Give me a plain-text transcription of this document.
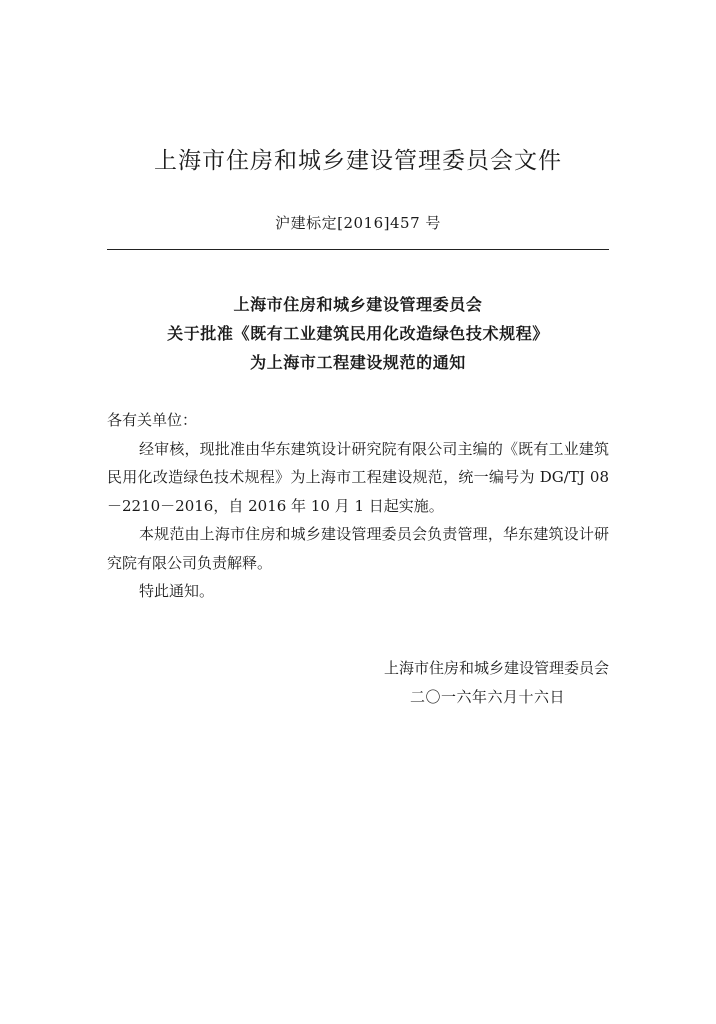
上海市住房和城乡建设管理委员会文件
沪建标定[2016]457 号
上海市住房和城乡建设管理委员会
关于批准《既有工业建筑民用化改造绿色技术规程》
为上海市工程建设规范的通知

各有关单位：

经审核，现批准由华东建筑设计研究院有限公司主编的《既有工业建筑民用化改造绿色技术规程》为上海市工程建设规范，统一编号为 DG/TJ 08－2210－2016，自 2016 年 10 月 1 日起实施。

本规范由上海市住房和城乡建设管理委员会负责管理，华东建筑设计研究院有限公司负责解释。

特此通知。

上海市住房和城乡建设管理委员会
二〇一六年六月十六日
